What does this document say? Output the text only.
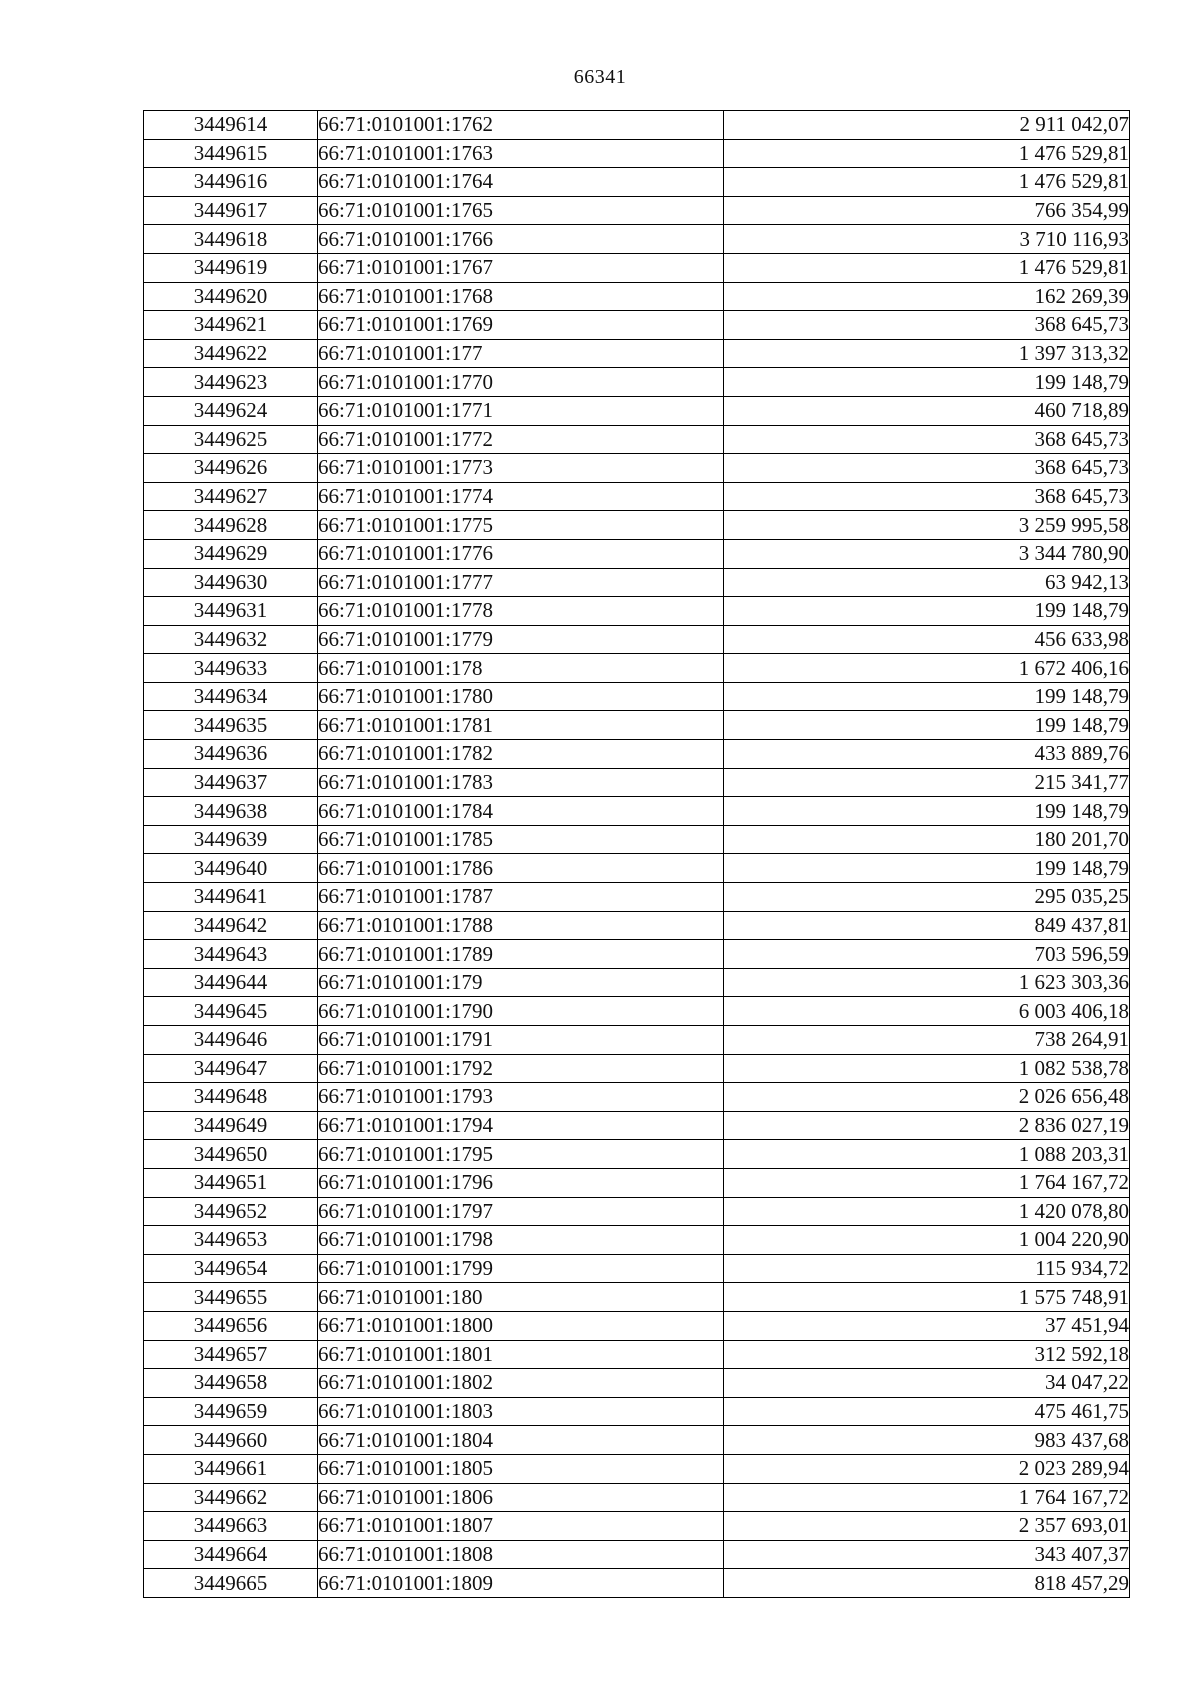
66341
3449614	66:71:0101001:1762	2 911 042,07
3449615	66:71:0101001:1763	1 476 529,81
3449616	66:71:0101001:1764	1 476 529,81
3449617	66:71:0101001:1765	766 354,99
3449618	66:71:0101001:1766	3 710 116,93
3449619	66:71:0101001:1767	1 476 529,81
3449620	66:71:0101001:1768	162 269,39
3449621	66:71:0101001:1769	368 645,73
3449622	66:71:0101001:177	1 397 313,32
3449623	66:71:0101001:1770	199 148,79
3449624	66:71:0101001:1771	460 718,89
3449625	66:71:0101001:1772	368 645,73
3449626	66:71:0101001:1773	368 645,73
3449627	66:71:0101001:1774	368 645,73
3449628	66:71:0101001:1775	3 259 995,58
3449629	66:71:0101001:1776	3 344 780,90
3449630	66:71:0101001:1777	63 942,13
3449631	66:71:0101001:1778	199 148,79
3449632	66:71:0101001:1779	456 633,98
3449633	66:71:0101001:178	1 672 406,16
3449634	66:71:0101001:1780	199 148,79
3449635	66:71:0101001:1781	199 148,79
3449636	66:71:0101001:1782	433 889,76
3449637	66:71:0101001:1783	215 341,77
3449638	66:71:0101001:1784	199 148,79
3449639	66:71:0101001:1785	180 201,70
3449640	66:71:0101001:1786	199 148,79
3449641	66:71:0101001:1787	295 035,25
3449642	66:71:0101001:1788	849 437,81
3449643	66:71:0101001:1789	703 596,59
3449644	66:71:0101001:179	1 623 303,36
3449645	66:71:0101001:1790	6 003 406,18
3449646	66:71:0101001:1791	738 264,91
3449647	66:71:0101001:1792	1 082 538,78
3449648	66:71:0101001:1793	2 026 656,48
3449649	66:71:0101001:1794	2 836 027,19
3449650	66:71:0101001:1795	1 088 203,31
3449651	66:71:0101001:1796	1 764 167,72
3449652	66:71:0101001:1797	1 420 078,80
3449653	66:71:0101001:1798	1 004 220,90
3449654	66:71:0101001:1799	115 934,72
3449655	66:71:0101001:180	1 575 748,91
3449656	66:71:0101001:1800	37 451,94
3449657	66:71:0101001:1801	312 592,18
3449658	66:71:0101001:1802	34 047,22
3449659	66:71:0101001:1803	475 461,75
3449660	66:71:0101001:1804	983 437,68
3449661	66:71:0101001:1805	2 023 289,94
3449662	66:71:0101001:1806	1 764 167,72
3449663	66:71:0101001:1807	2 357 693,01
3449664	66:71:0101001:1808	343 407,37
3449665	66:71:0101001:1809	818 457,29
